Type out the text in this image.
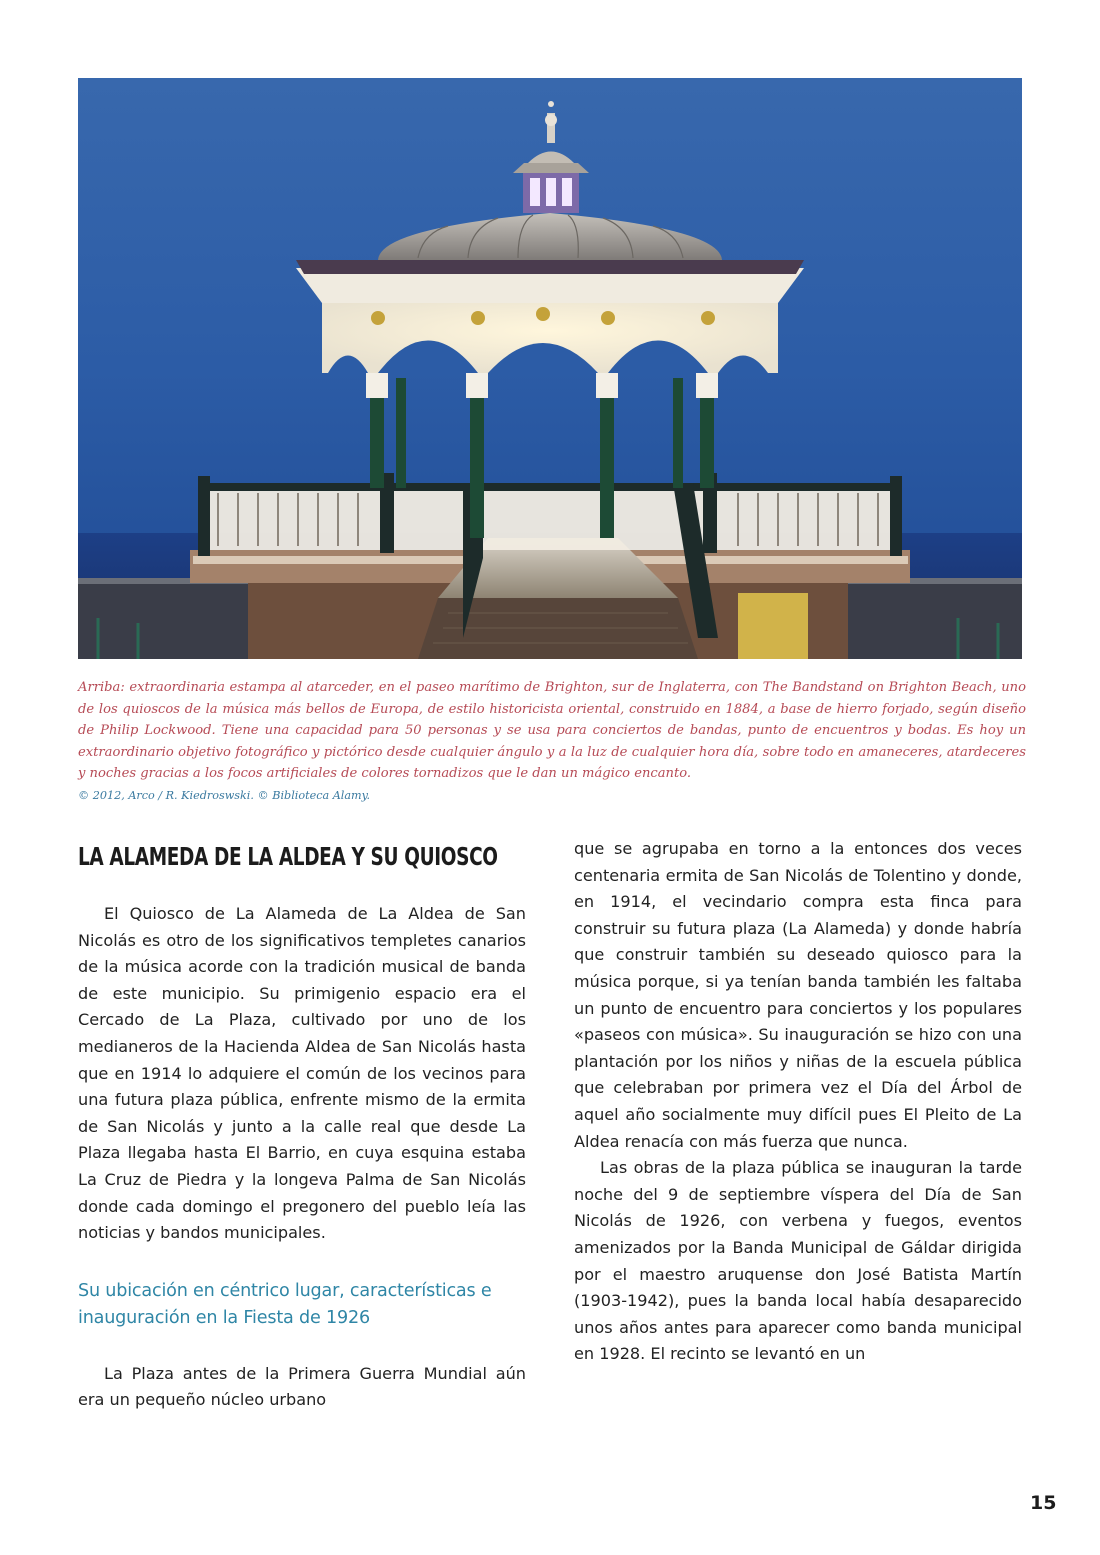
Arriba: extraordinaria estampa al atarceder, en el paseo marítimo de Brighton, sur de Inglaterra, con The Bandstand on Brighton Beach, uno de los quioscos de la música más bellos de Europa, de estilo historicista oriental, construido en 1884, a base de hierro forjado, según diseño de Philip Lockwood. Tiene una capacidad para 50 personas y se usa para conciertos de bandas, punto de encuentros y bodas. Es hoy un extraordinario objetivo fotográfico y pictórico desde cualquier ángulo y a la luz de cualquier hora día, sobre todo en amaneceres, atardeceres y noches gracias a los focos artificiales de colores tornadizos que le dan un mágico encanto.

© 2012, Arco / R. Kiedroswski. © Biblioteca Alamy.

LA ALAMEDA DE LA ALDEA Y SU QUIOSCO

El Quiosco de La Alameda de La Aldea de San Nicolás es otro de los significativos templetes canarios de la música acorde con la tradición musical de banda de este municipio. Su primigenio espacio era el Cercado de La Plaza, cultivado por uno de los medianeros de la Hacienda Aldea de San Nicolás hasta que en 1914 lo adquiere el común de los vecinos para una futura plaza pública, enfrente mismo de la ermita de San Nicolás y junto a la calle real que desde La Plaza llegaba hasta El Barrio, en cuya esquina estaba La Cruz de Piedra y la longeva Palma de San Nicolás donde cada domingo el pregonero del pueblo leía las noticias y bandos municipales.

Su ubicación en céntrico lugar, características e inauguración en la Fiesta de 1926

La Plaza antes de la Primera Guerra Mundial aún era un pequeño núcleo urbano

que se agrupaba en torno a la entonces dos veces centenaria ermita de San Nicolás de Tolentino y donde, en 1914, el vecindario compra esta finca para construir su futura plaza (La Alameda) y donde habría que construir también su deseado quiosco para la música porque, si ya tenían banda también les faltaba un punto de encuentro para conciertos y los populares «paseos con música». Su inauguración se hizo con una plantación por los niños y niñas de la escuela pública que celebraban por primera vez el Día del Árbol de aquel año socialmente muy difícil pues El Pleito de La Aldea renacía con más fuerza que nunca.

Las obras de la plaza pública se inauguran la tarde noche del 9 de septiembre víspera del Día de San Nicolás de 1926, con verbena y fuegos, eventos amenizados por la Banda Municipal de Gáldar dirigida por el maestro aruquense don José Batista Martín (1903-1942), pues la banda local había desaparecido unos años antes para aparecer como banda municipal en 1928. El recinto se levantó en un

15
